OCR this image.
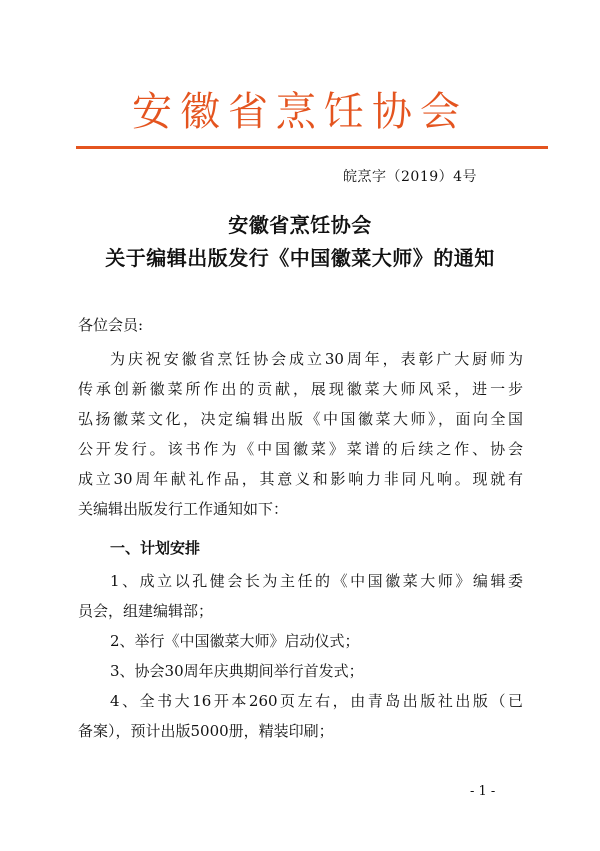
安徽省烹饪协会
皖烹字（2019）4号
安徽省烹饪协会
关于编辑出版发行《中国徽菜大师》的通知
各位会员:
为庆祝安徽省烹饪协会成立30周年，表彰广大厨师为
传承创新徽菜所作出的贡献，展现徽菜大师风采，进一步
弘扬徽菜文化，决定编辑出版《中国徽菜大师》，面向全国
公开发行。该书作为《中国徽菜》菜谱的后续之作、协会
成立30周年献礼作品，其意义和影响力非同凡响。现就有
关编辑出版发行工作通知如下：
一、计划安排
1、成立以孔健会长为主任的《中国徽菜大师》编辑委
员会，组建编辑部；
2、举行《中国徽菜大师》启动仪式；
3、协会30周年庆典期间举行首发式；
4、全书大16开本260页左右，由青岛出版社出版（已
备案），预计出版5000册，精装印刷；
- 1 -
